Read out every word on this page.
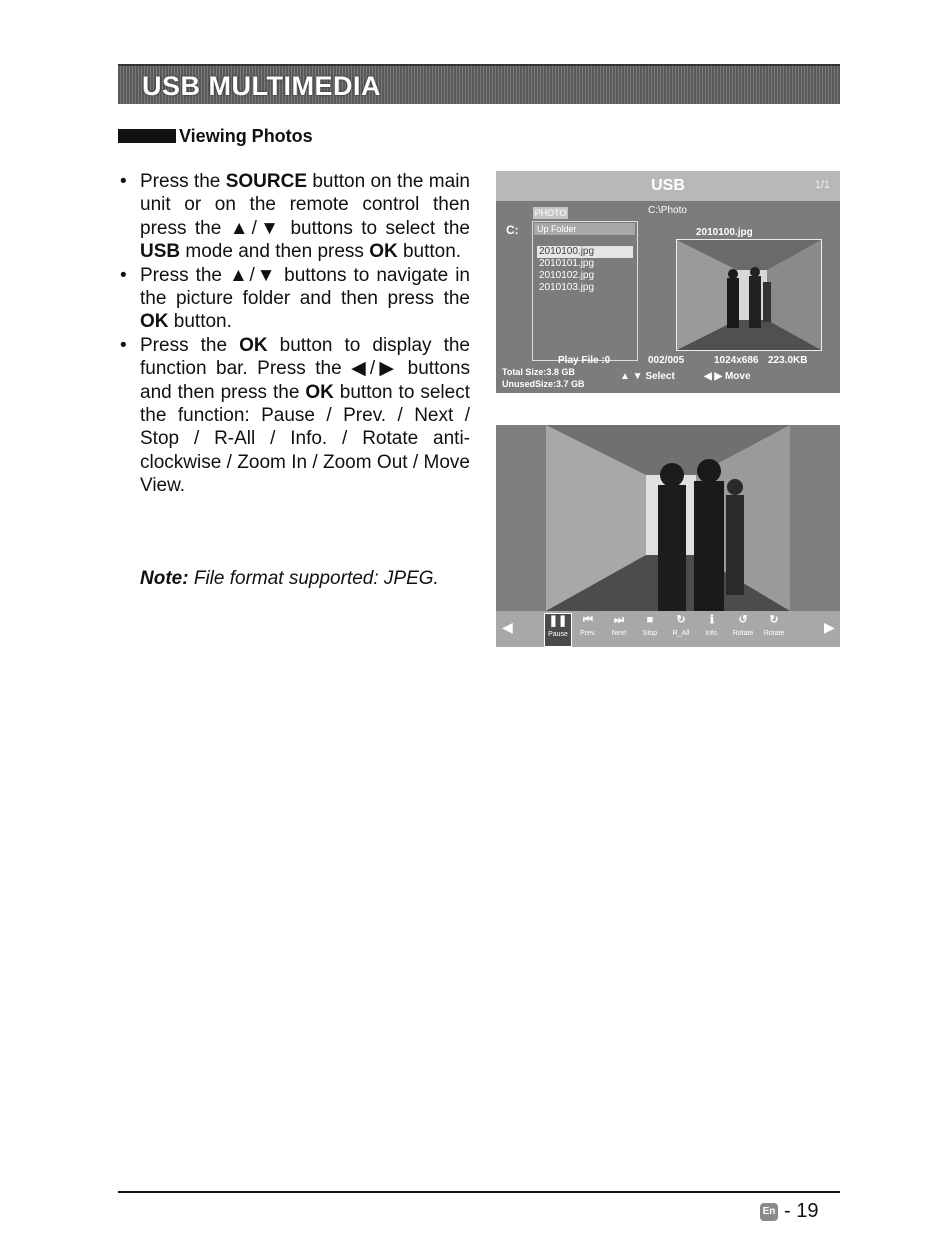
USB MULTIMEDIA
Viewing Photos
• Press the SOURCE button on the main unit or on the remote control then press the ▲/▼ buttons to select the USB mode and then press OK button.
• Press the ▲/▼ buttons to navigate in the picture folder and then press the OK button.
• Press the OK button to display the function bar. Press the ◀/▶ buttons and then press the OK button to select the function: Pause / Prev. / Next / Stop / R-All / Info. / Rotate anti-clockwise / Zoom In / Zoom Out / Move View.
Note: File format supported: JPEG.
USB	1/1
PHOTO
C:	Up Folder
2010100.jpg
2010101.jpg
2010102.jpg
2010103.jpg
C:\Photo
2010100.jpg
Play File :0	002/005	1024x686 223.0KB
Total Size:3.8 GB
UnusedSize:3.7 GB
▲ ▼ Select	◀ ▶ Move
◀	❚❚
Pause
⏮
Prev.
⏭
Next
■
Stop
↻
R_All
ℹ
Info.
↺
Rotate
↻
Rotate	▶
En - 19
